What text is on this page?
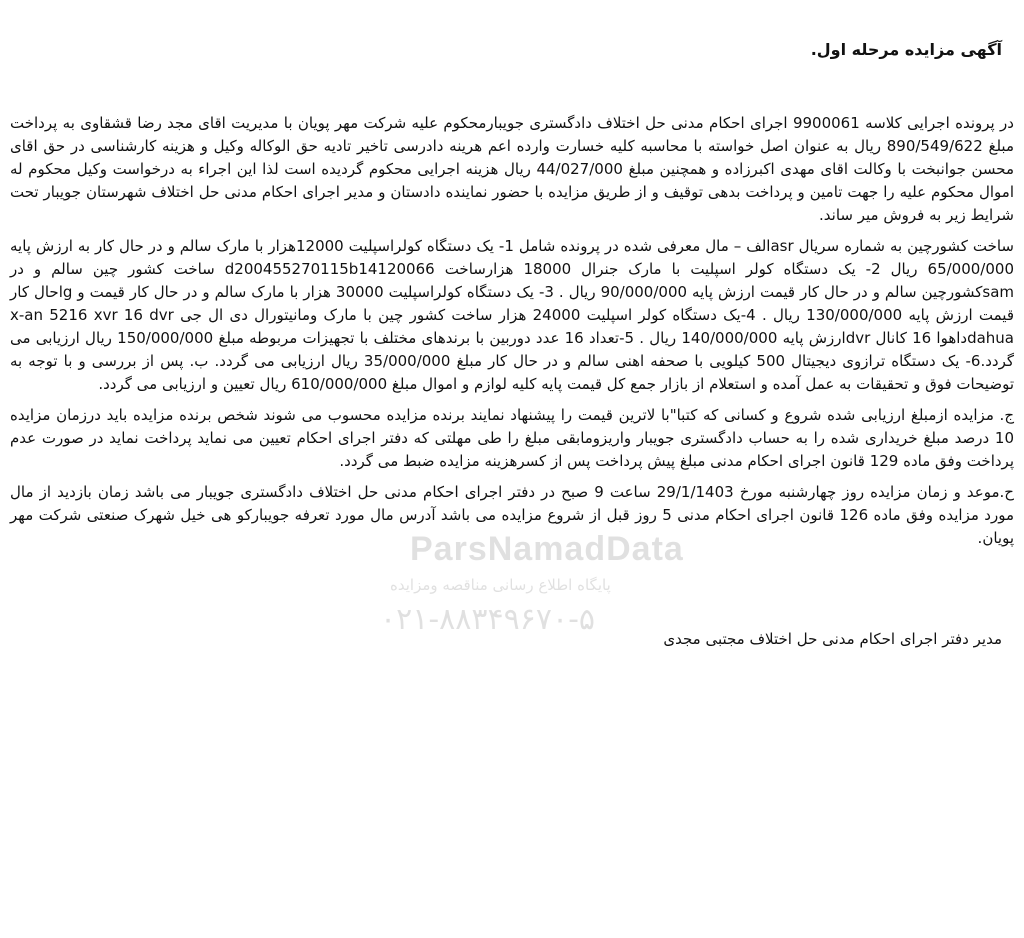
آگهی مزایده مرحله اول.

در پرونده اجرایی کلاسه 9900061 اجرای احکام مدنی حل اختلاف دادگستری جویبارمحکوم علیه شرکت مهر پویان با مدیریت اقای مجد رضا قشقاوی به پرداخت مبلغ 890/549/622 ریال به عنوان اصل خواسته با محاسبه کلیه خسارت وارده اعم هرینه دادرسی تاخیر تادیه حق الوکاله وکیل و هزینه کارشناسی در حق اقای محسن جوانبخت با وکالت اقای مهدی اکبرزاده و همچنین مبلغ 44/027/000 ریال هزینه اجرایی محکوم گردیده است لذا این اجراء به درخواست وکیل محکوم له اموال محکوم علیه را جهت تامین و پرداخت بدهی توقیف و از طریق مزایده با حضور نماینده دادستان و مدیر اجرای احکام مدنی حل اختلاف شهرستان جویبار تحت شرایط زیر به فروش میر ساند.

ساخت کشورچین به شماره سریال asrالف – مال معرفی شده در پرونده شامل 1- یک دستگاه کولراسپلیت 12000هزار با مارک سالم و در حال کار به ارزش پایه 65/000/000 ریال 2- یک دستگاه کولر اسپلیت با مارک جنرال 18000 هزارساخت d200455270115b14120066 ساخت کشور چین سالم و در samکشورچین سالم و در حال کار قیمت ارزش پایه 90/000/000 ریال . 3- یک دستگاه کولراسپلیت 30000 هزار با مارک سالم و در حال کار قیمت و lgحال کار قیمت ارزش پایه 130/000/000 ریال . 4-یک دستگاه کولر اسپلیت 24000 هزار ساخت کشور چین با مارک ومانیتورال دی ال جی x-an 5216 xvr 16 dvr dahuaداهوا 16 کانال dvrارزش پایه 140/000/000 ریال . 5-تعداد 16 عدد دوربین با برندهای مختلف با تجهیزات مربوطه مبلغ 150/000/000 ریال ارزیابی می گردد.6- یک دستگاه ترازوی دیجیتال 500 کیلویی با صحفه اهنی سالم و در حال کار مبلغ 35/000/000 ریال ارزیابی می گردد. ب. پس از بررسی و با توجه به توضیحات فوق و تحقیقات به عمل آمده و استعلام از بازار جمع کل قیمت پایه کلیه لوازم و اموال مبلغ 610/000/000 ریال تعیین و ارزیابی می گردد.

ج. مزایده ازمبلغ ارزیابی شده شروع و کسانی که کتبا"با لاترین قیمت را پیشنهاد نمایند برنده مزایده محسوب می شوند شخص برنده مزایده باید درزمان مزایده 10 درصد مبلغ خریداری شده را به حساب دادگستری جویبار واریزومابقی مبلغ را طی مهلتی که دفتر اجرای احکام تعیین می نماید پرداخت نماید در صورت عدم پرداخت وفق ماده 129 قانون اجرای احکام مدنی مبلغ پیش پرداخت پس از کسرهزینه مزایده ضبط می گردد.

ح.موعد و زمان مزایده روز چهارشنبه مورخ 29/1/1403 ساعت 9 صبح در دفتر اجرای احکام مدنی حل اختلاف دادگستری جویبار می باشد زمان بازدید از مال مورد مزایده وفق ماده 126 قانون اجرای احکام مدنی 5 روز قبل از شروع مزایده می باشد آدرس مال مورد تعرفه جویبارکو هی خیل شهرک صنعتی شرکت مهر پویان.

ParsNamadData
پایگاه اطلاع رسانی مناقصه ومزایده
۰۲۱-۸۸۳۴۹۶۷۰-۵
مدیر دفتر اجرای احکام مدنی حل اختلاف مجتبی مجدی
